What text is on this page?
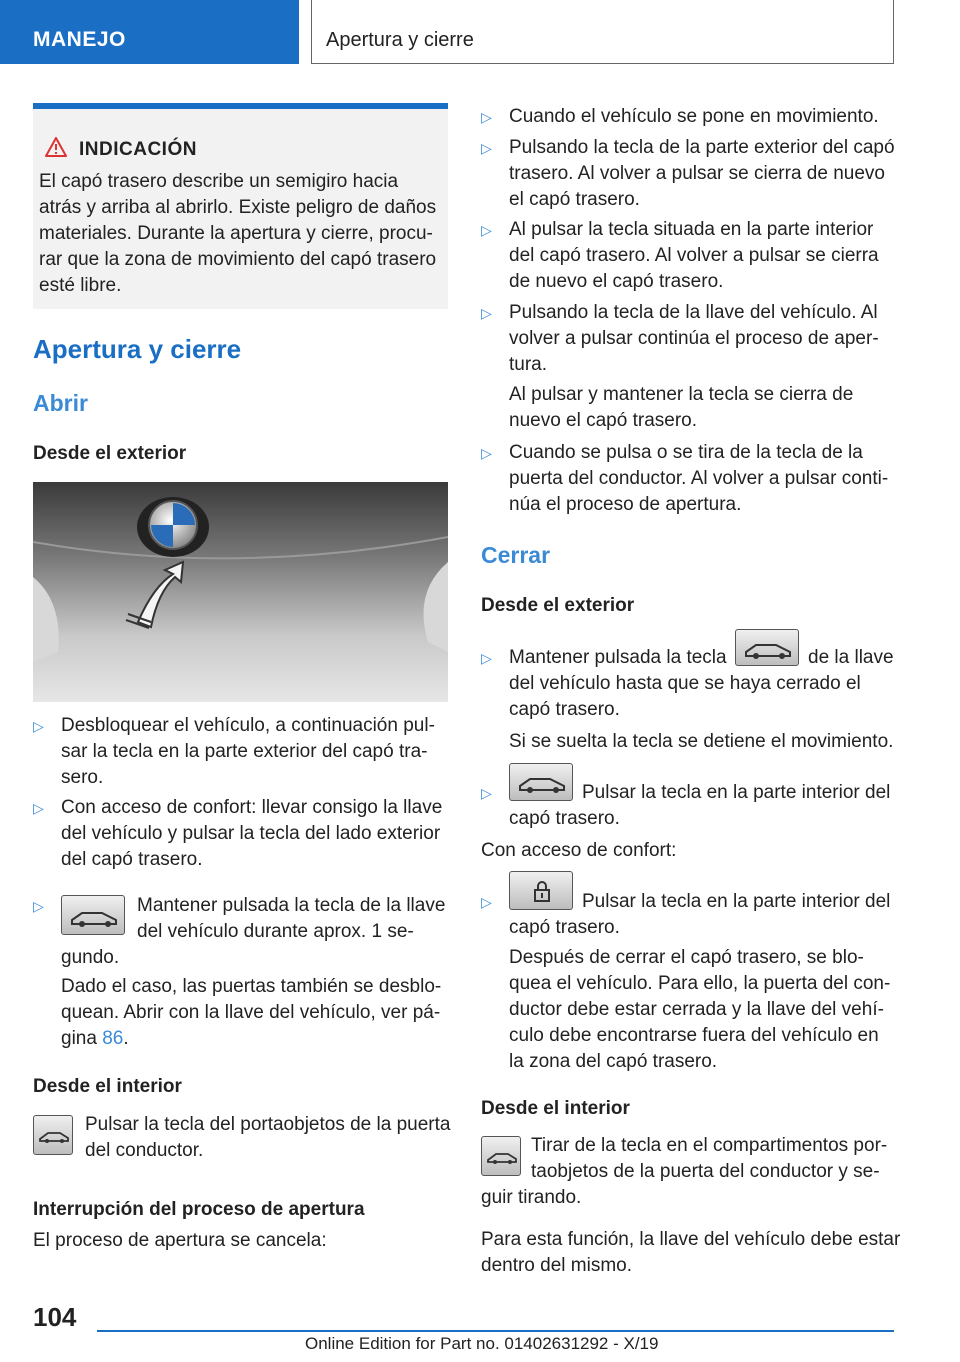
MANEJO	Apertura y cierre
INDICACIÓN
El capó trasero describe un semigiro hacia
atrás y arriba al abrirlo. Existe peligro de daños
materiales. Durante la apertura y cierre, procu‐
rar que la zona de movimiento del capó trasero
esté libre.
Apertura y cierre
Abrir
Desde el exterior
▷ Desbloquear el vehículo, a continuación pul‐
sar la tecla en la parte exterior del capó tra‐
sero.
▷ Con acceso de confort: llevar consigo la llave
del vehículo y pulsar la tecla del lado exterior
del capó trasero.
▷	Mantener pulsada la tecla de la llave
del vehículo durante aprox. 1 se‐
gundo.
Dado el caso, las puertas también se desblo‐
quean. Abrir con la llave del vehículo, ver pá‐
gina 86.
Desde el interior
Pulsar la tecla del portaobjetos de la puerta
del conductor.
Interrupción del proceso de apertura
El proceso de apertura se cancela:
▷ Cuando el vehículo se pone en movimiento.
▷ Pulsando la tecla de la parte exterior del capó
trasero. Al volver a pulsar se cierra de nuevo
el capó trasero.
▷ Al pulsar la tecla situada en la parte interior
del capó trasero. Al volver a pulsar se cierra
de nuevo el capó trasero.
▷ Pulsando la tecla de la llave del vehículo. Al
volver a pulsar continúa el proceso de aper‐
tura.
Al pulsar y mantener la tecla se cierra de
nuevo el capó trasero.
▷ Cuando se pulsa o se tira de la tecla de la
puerta del conductor. Al volver a pulsar conti‐
núa el proceso de apertura.
Cerrar
Desde el exterior
▷ Mantener pulsada la tecla	de la llave
del vehículo hasta que se haya cerrado el
capó trasero.
Si se suelta la tecla se detiene el movimiento.
▷	Pulsar la tecla en la parte interior del
capó trasero.
Con acceso de confort:
▷	Pulsar la tecla en la parte interior del
capó trasero.
Después de cerrar el capó trasero, se blo‐
quea el vehículo. Para ello, la puerta del con‐
ductor debe estar cerrada y la llave del vehí‐
culo debe encontrarse fuera del vehículo en
la zona del capó trasero.
Desde el interior
Tirar de la tecla en el compartimentos por‐
taobjetos de la puerta del conductor y se‐
guir tirando.
Para esta función, la llave del vehículo debe estar
dentro del mismo.
104
Online Edition for Part no. 01402631292 - X/19
